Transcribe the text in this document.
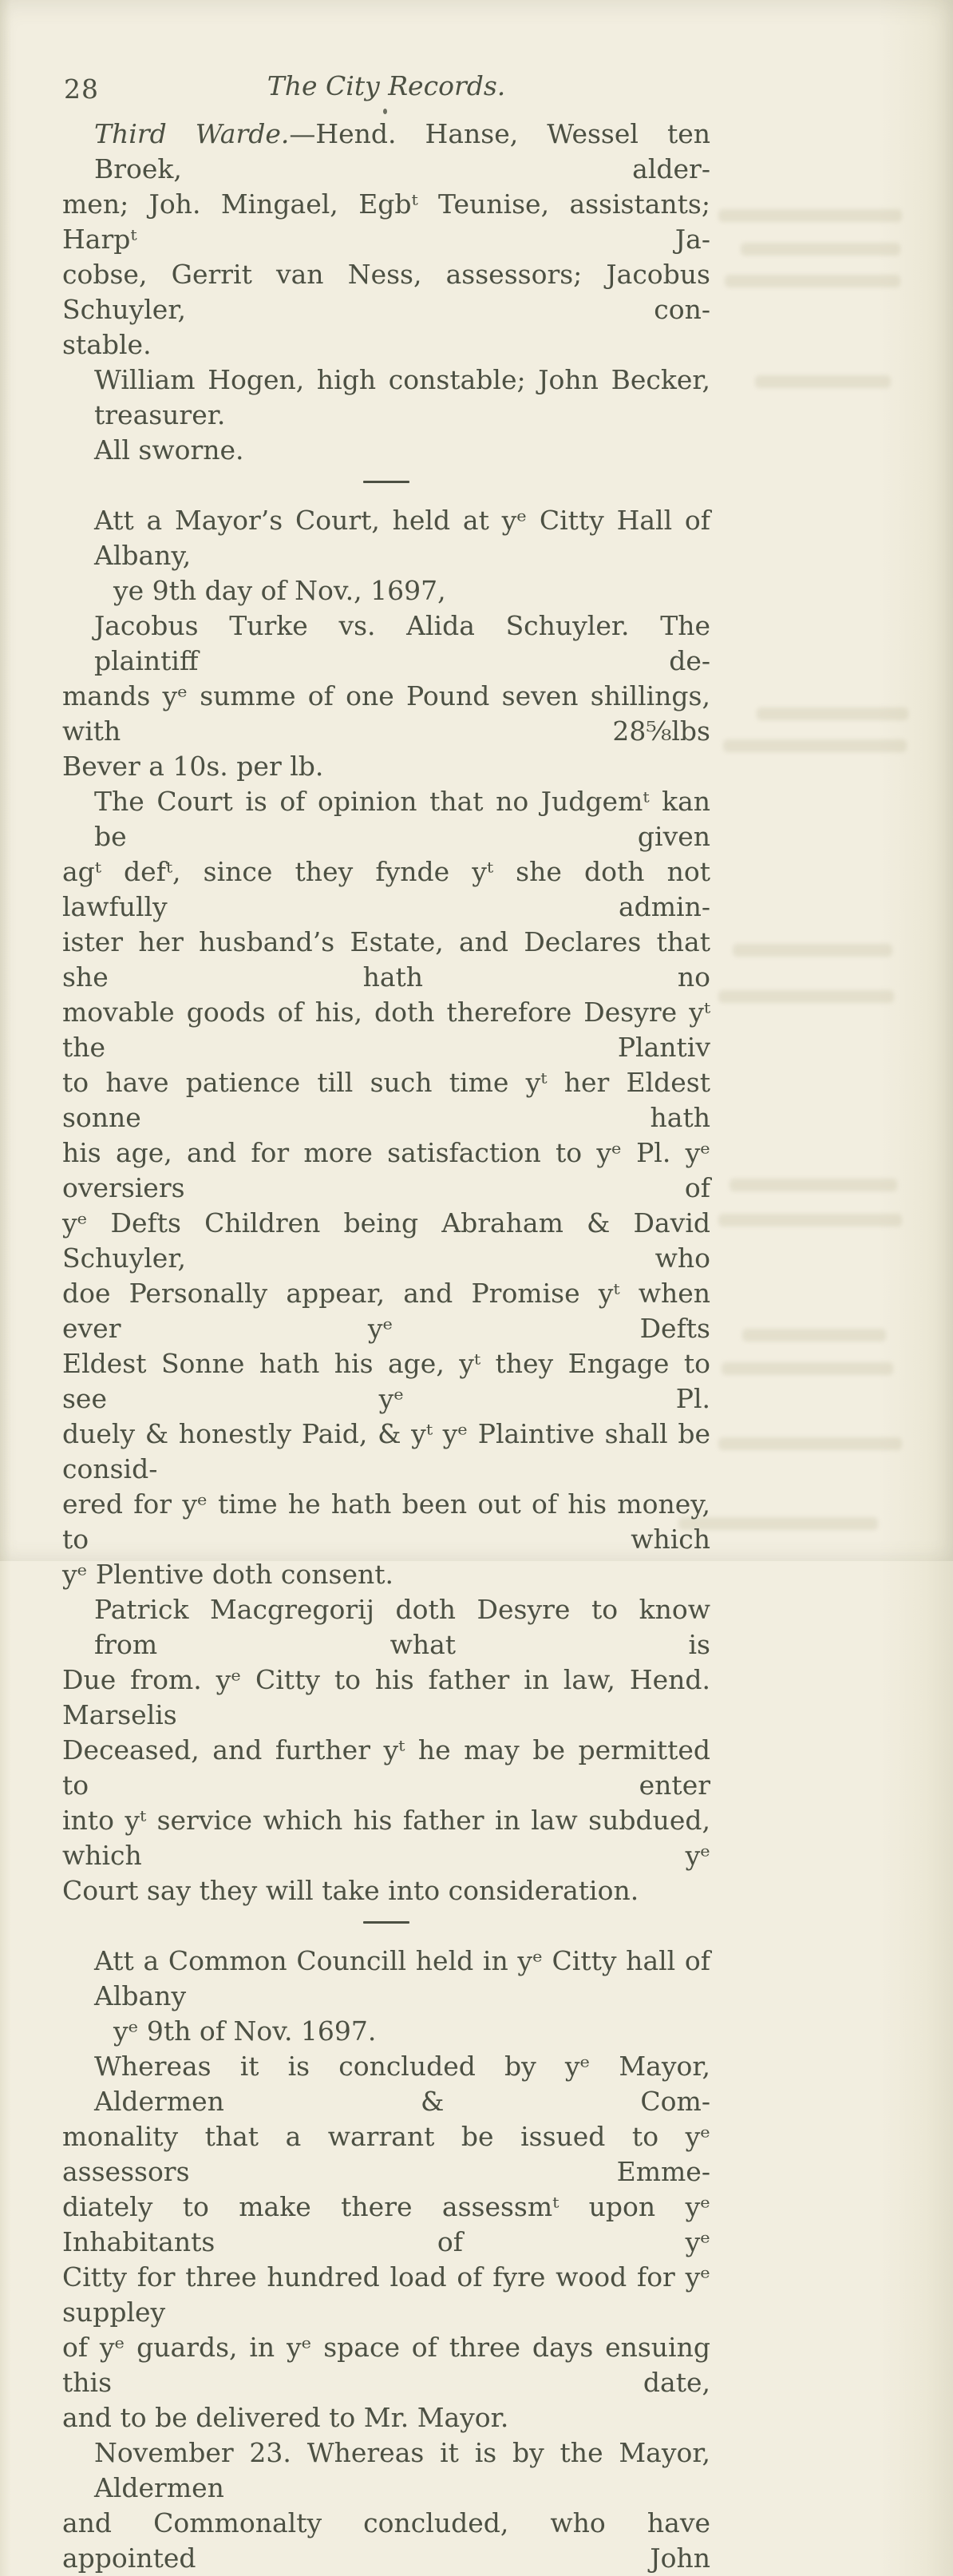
28	The City Records.
Third Warde.—Hend. Hanse, Wessel ten Broek, alder-
men; Joh. Mingael, Egbᵗ Teunise, assistants; Harpᵗ Ja-
cobse, Gerrit van Ness, assessors; Jacobus Schuyler, con-
stable.
William Hogen, high constable; John Becker, treasurer.
All sworne.
Att a Mayor’s Court, held at yᵉ Citty Hall of Albany,
ye 9th day of Nov., 1697,
Jacobus Turke vs. Alida Schuyler. The plaintiff de-
mands yᵉ summe of one Pound seven shillings, with 28⅝lbs
Bever a 10s. per lb.
The Court is of opinion that no Judgemᵗ kan be given
agᵗ defᵗ, since they fynde yᵗ she doth not lawfully admin-
ister her husband’s Estate, and Declares that she hath no
movable goods of his, doth therefore Desyre yᵗ the Plantiv
to have patience till such time yᵗ her Eldest sonne hath
his age, and for more satisfaction to yᵉ Pl. yᵉ oversiers of
yᵉ Defts Children being Abraham & David Schuyler, who
doe Personally appear, and Promise yᵗ when ever yᵉ Defts
Eldest Sonne hath his age, yᵗ they Engage to see yᵉ Pl.
duely & honestly Paid, & yᵗ yᵉ Plaintive shall be consid-
ered for yᵉ time he hath been out of his money, to which
yᵉ Plentive doth consent.
Patrick Macgregorij doth Desyre to know from what is
Due from. yᵉ Citty to his father in law, Hend. Marselis
Deceased, and further yᵗ he may be permitted to enter
into yᵗ service which his father in law subdued, which yᵉ
Court say they will take into consideration.
Att a Common Councill held in yᵉ Citty hall of Albany
yᵉ 9th of Nov. 1697.
Whereas it is concluded by yᵉ Mayor, Aldermen & Com-
monality that a warrant be issued to yᵉ assessors Emme-
diately to make there assessmᵗ upon yᵉ Inhabitants of yᵉ
Citty for three hundred load of fyre wood for yᵉ suppley
of yᵉ guards, in yᵉ space of three days ensuing this date,
and to be delivered to Mr. Mayor.
November 23. Whereas it is by the Mayor, Aldermen
and Commonalty concluded, who have appointed John
